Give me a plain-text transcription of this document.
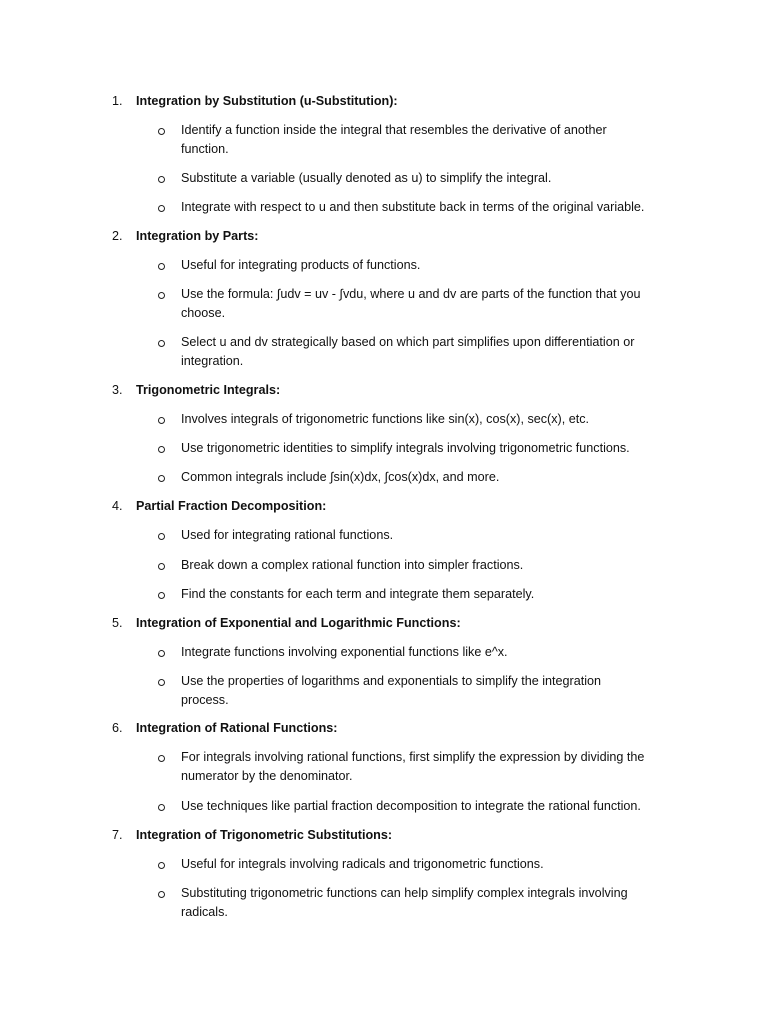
1.	Integration by Substitution (u-Substitution):
Identify a function inside the integral that resembles the derivative of another
function.
Substitute a variable (usually denoted as u) to simplify the integral.
Integrate with respect to u and then substitute back in terms of the original variable.
2.	Integration by Parts:
Useful for integrating products of functions.
Use the formula: ∫udv = uv - ∫vdu, where u and dv are parts of the function that you
choose.
Select u and dv strategically based on which part simplifies upon differentiation or
integration.
3.	Trigonometric Integrals:
Involves integrals of trigonometric functions like sin(x), cos(x), sec(x), etc.
Use trigonometric identities to simplify integrals involving trigonometric functions.
Common integrals include ∫sin(x)dx, ∫cos(x)dx, and more.
4.	Partial Fraction Decomposition:
Used for integrating rational functions.
Break down a complex rational function into simpler fractions.
Find the constants for each term and integrate them separately.
5.	Integration of Exponential and Logarithmic Functions:
Integrate functions involving exponential functions like e^x.
Use the properties of logarithms and exponentials to simplify the integration
process.
6.	Integration of Rational Functions:
For integrals involving rational functions, first simplify the expression by dividing the
numerator by the denominator.
Use techniques like partial fraction decomposition to integrate the rational function.
7.	Integration of Trigonometric Substitutions:
Useful for integrals involving radicals and trigonometric functions.
Substituting trigonometric functions can help simplify complex integrals involving
radicals.
